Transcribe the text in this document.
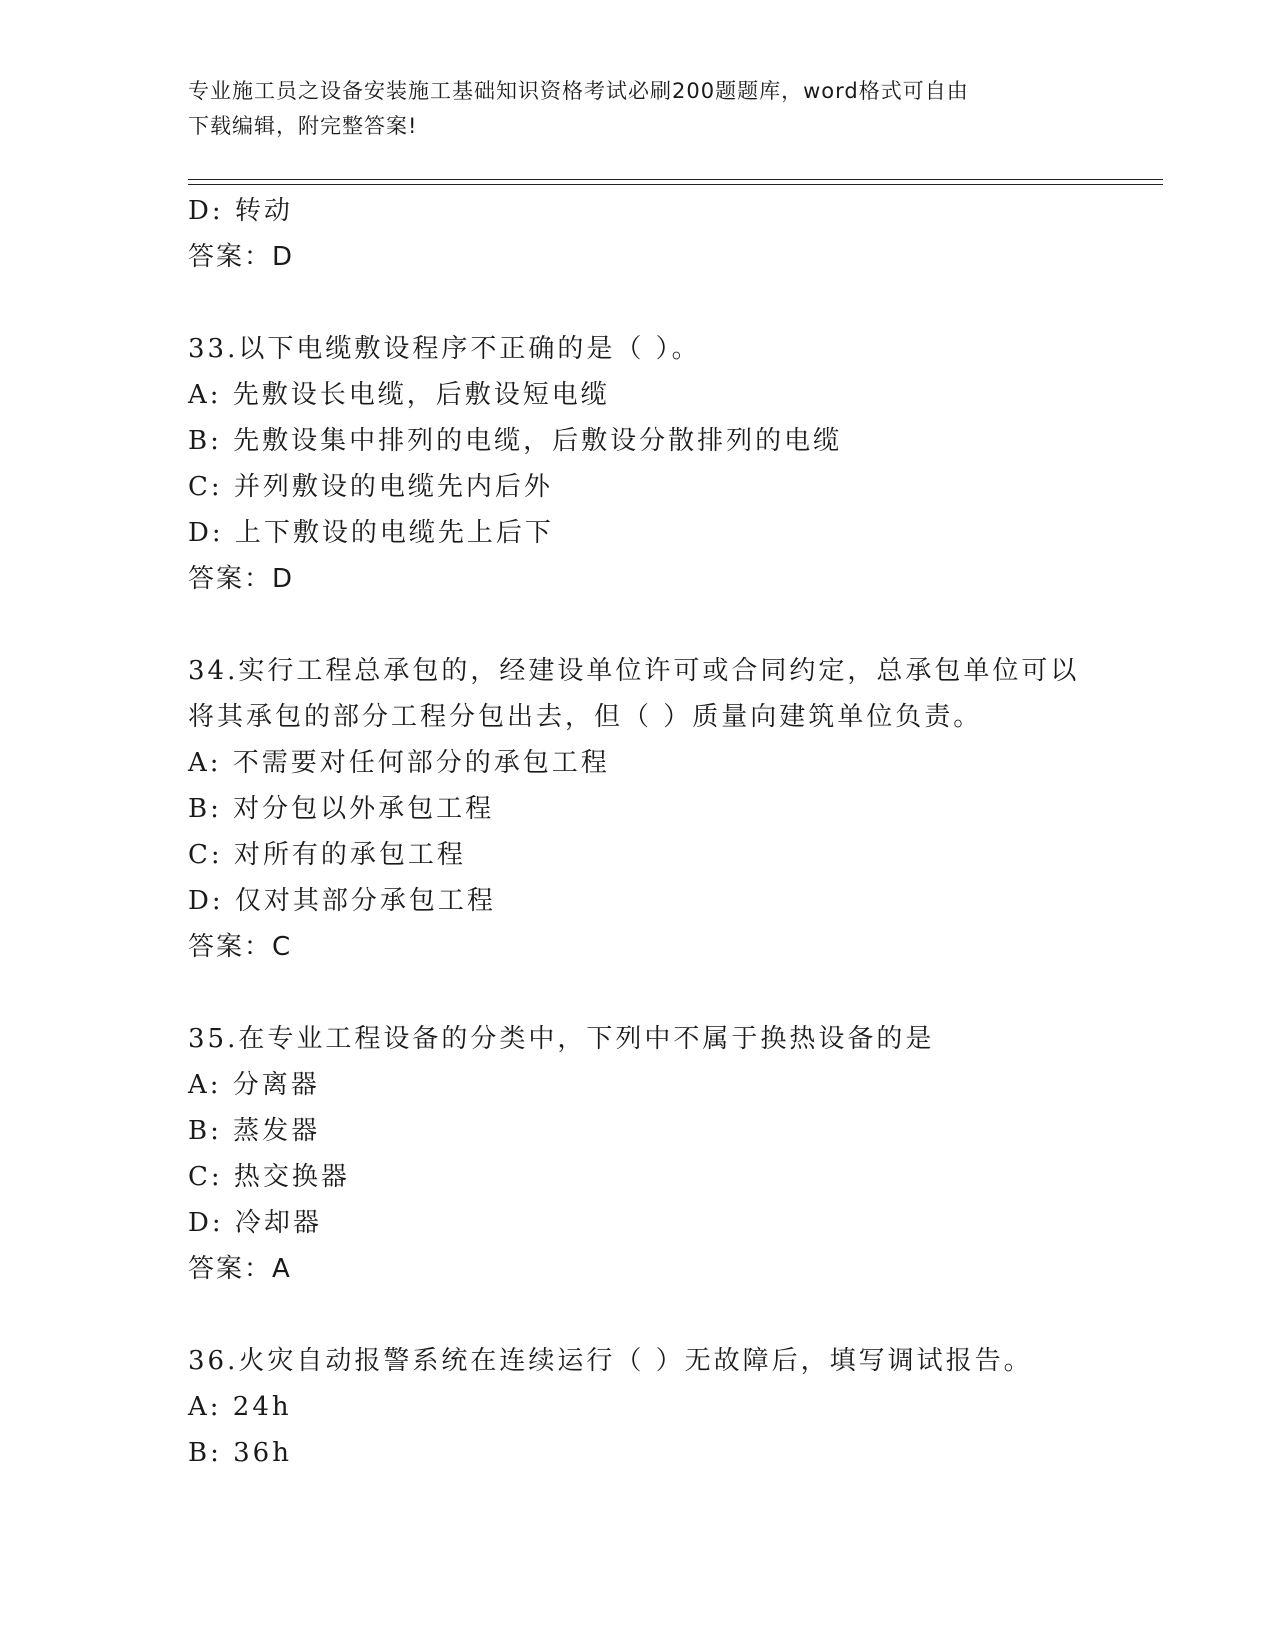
专业施工员之设备安装施工基础知识资格考试必刷200题题库，word格式可自由
下载编辑，附完整答案!
D: 转动
答案：D
33.以下电缆敷设程序不正确的是（ ）。
A: 先敷设长电缆，后敷设短电缆
B: 先敷设集中排列的电缆，后敷设分散排列的电缆
C: 并列敷设的电缆先内后外
D: 上下敷设的电缆先上后下
答案：D
34.实行工程总承包的，经建设单位许可或合同约定，总承包单位可以
将其承包的部分工程分包出去，但（ ）质量向建筑单位负责。
A: 不需要对任何部分的承包工程
B: 对分包以外承包工程
C: 对所有的承包工程
D: 仅对其部分承包工程
答案：C
35.在专业工程设备的分类中，下列中不属于换热设备的是
A: 分离器
B: 蒸发器
C: 热交换器
D: 冷却器
答案：A
36.火灾自动报警系统在连续运行（ ）无故障后，填写调试报告。
A: 24h
B: 36h
